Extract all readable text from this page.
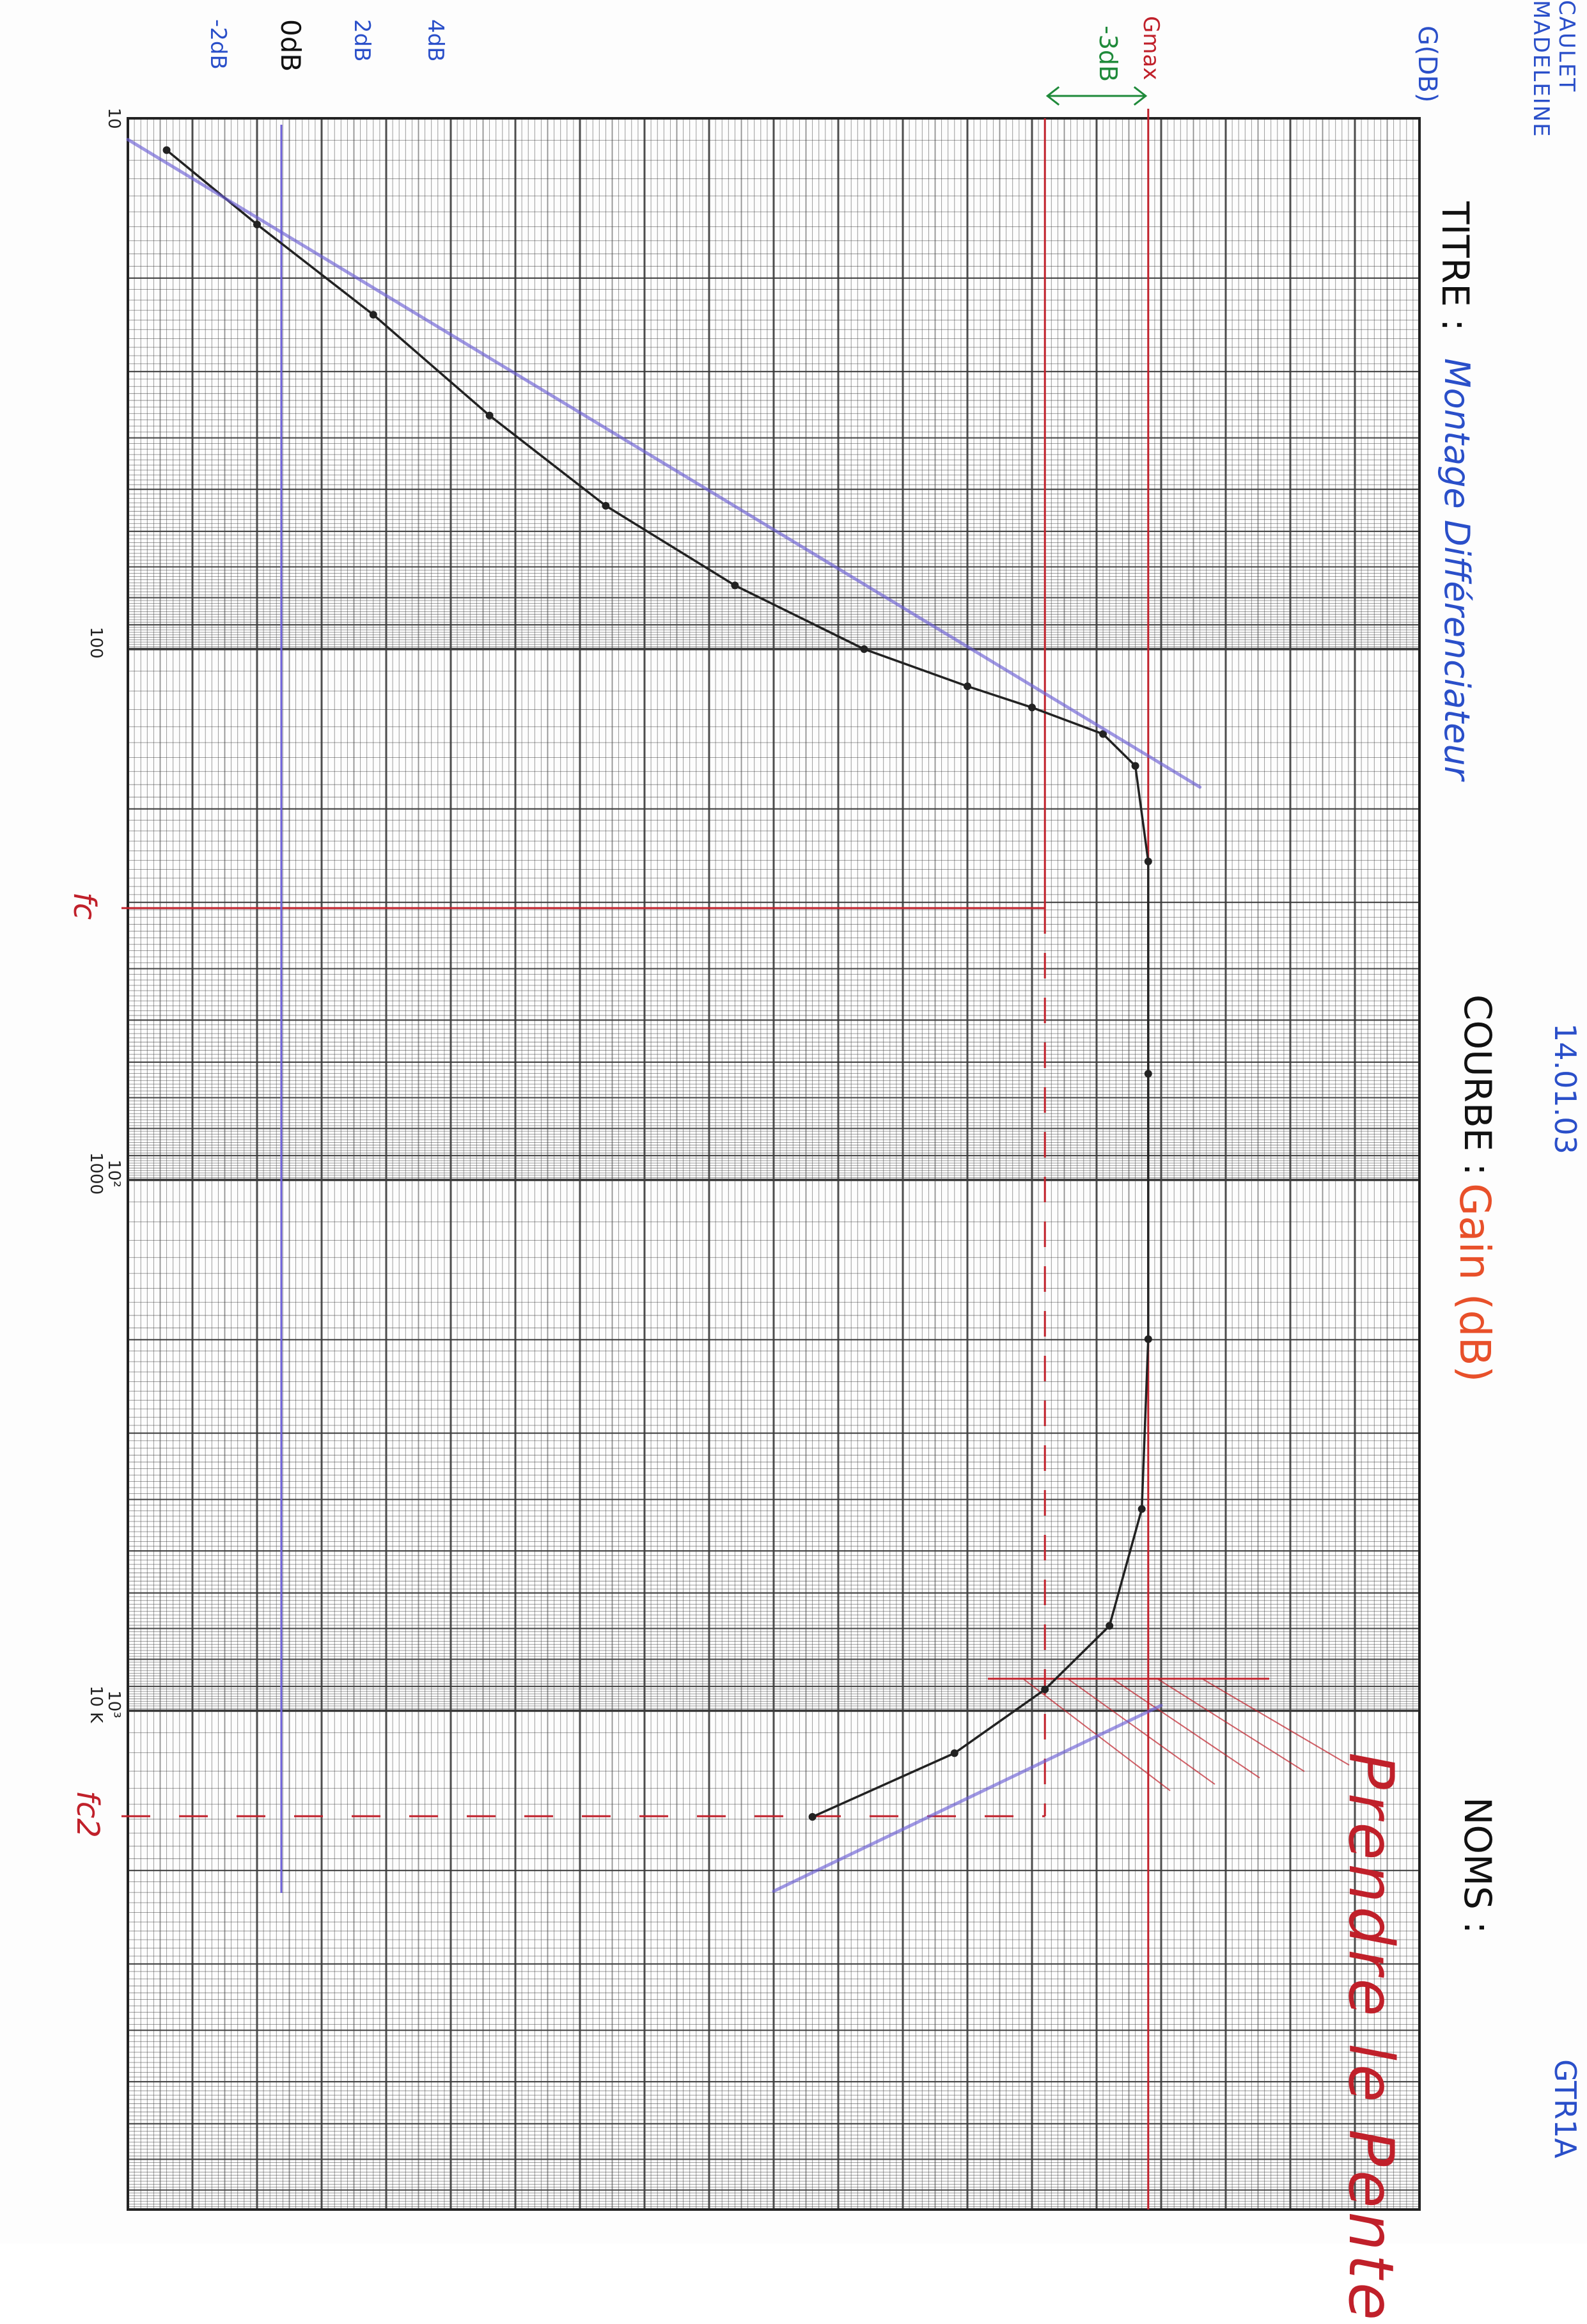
10
100
10²
1000
10³
10 K
-2dB 0dB 2dB 4dB	CAULET
MADELEINE
TITRE :
Montage Différenciateur
COURBE :
Gain (dB)
14.01.03
NOMS :
GTR1A
G(DB)
Gmax
-3dB
fc
fc2	Prendre le Pente
